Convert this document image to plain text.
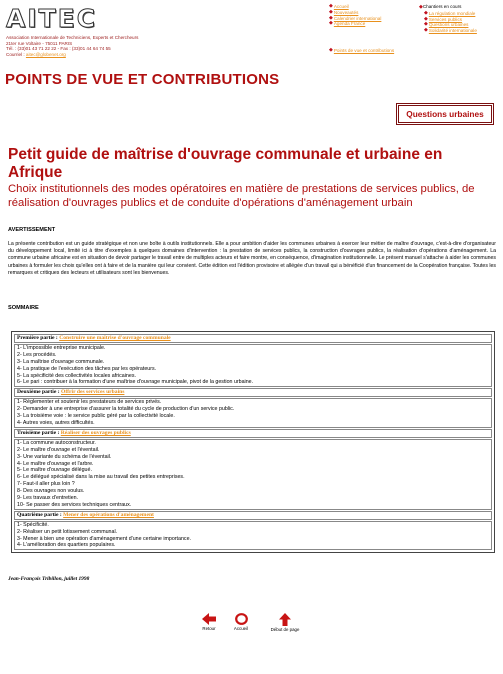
AITEC
Association Internationale de Techniciens, Experts et Chercheurs
21ter rue Voltaire - 75011 PARIS
Tél. : (33)01 43 71 22 22 - Fax : (33)01 44 64 74 55
Courriel : aitec@globenet.org
◆ Accueil
◆ Nouveautés
◆ Calendrier international
◆ Agenda France
◆ Points de vue et contributions
◆Chantiers en cours
◆ La régulation mondiale
◆ Services publics
◆ Questions urbaines
◆ Solidarité internationale
POINTS DE VUE ET CONTRIBUTIONS
Questions urbaines
Petit guide de maîtrise d'ouvrage communale et urbaine en Afrique
Choix institutionnels des modes opératoires en matière de prestations de services publics, de réalisation d'ouvrages publics et de conduite d'opérations d'aménagement urbain
AVERTISSEMENT
La présente contribution est un guide stratégique et non une boîte à outils institutionnels. Elle a pour ambition d'aider les communes urbaines à exercer leur métier de maître d'ouvrage, c'est-à-dire d'organisateur du développement local, limité ici à titre d'exemples à quelques domaines d'intervention : la prestation de services publics, la construction d'ouvrages publics, la réalisation d'opérations d'aménagement. La commune urbaine africaine est en situation de devoir partager le travail entre de multiples acteurs et faire montre, en conséquence, d'imagination institutionnelle. Le présent manuel s'attache à aider les communes urbaines à formuler les choix qu'elles ont à faire et de la manière qui leur convient. Cette édition est l'édition provisoire et allégée d'un travail qui a bénéficié d'un financement de la Coopération française. Toutes les remarques et critiques des lecteurs et utilisateurs sont les bienvenues.
SOMMAIRE
Première partie : Construire une maîtrise d'ouvrage communale

1- L'impossible entreprise municipale.
2- Les procédés.
3- La maîtrise d'ouvrage communale.
4- La pratique de l'exécution des tâches par les opérateurs.
5- La spécificité des collectivités locales africaines.
6- Le pari : contribuer à la formation d'une maîtrise d'ouvrage municipale, pivot de la gestion urbaine.

Deuxième partie : Offrir des services urbains

1- Réglementer et soutenir les prestateurs de services privés.
2- Demander à une entreprise d'assurer la totalité du cycle de production d'un service public.
3- La troisième voie : le service public géré par la collectivité locale.
4- Autres voies, autres difficultés.

Troisième partie : Réaliser des ouvrages publics

1- La commune autoconstructeur.
2- Le maître d'ouvrage et l'éventail.
3- Une variante du schéma de l'éventail.
4- Le maître d'ouvrage et l'arbre.
5- Le maître d'ouvrage délégué.
6- Le délégué spécialisé dans la mise au travail des petites entreprises.
7- Faut-il aller plus loin ?
8- Des ouvrages non voulus.
9- Les travaux d'entretien.
10- Se passer des services techniques centraux.

Quatrième partie : Mener des opérations d'aménagement

1- Spécificité.
2- Réaliser un petit lotissement communal.
3- Mener à bien une opération d'aménagement d'une certaine importance.
4- L'amélioration des quartiers populaires.
Jean-François Tribillon, juillet 1998
Retour	Accueil	Début de page
